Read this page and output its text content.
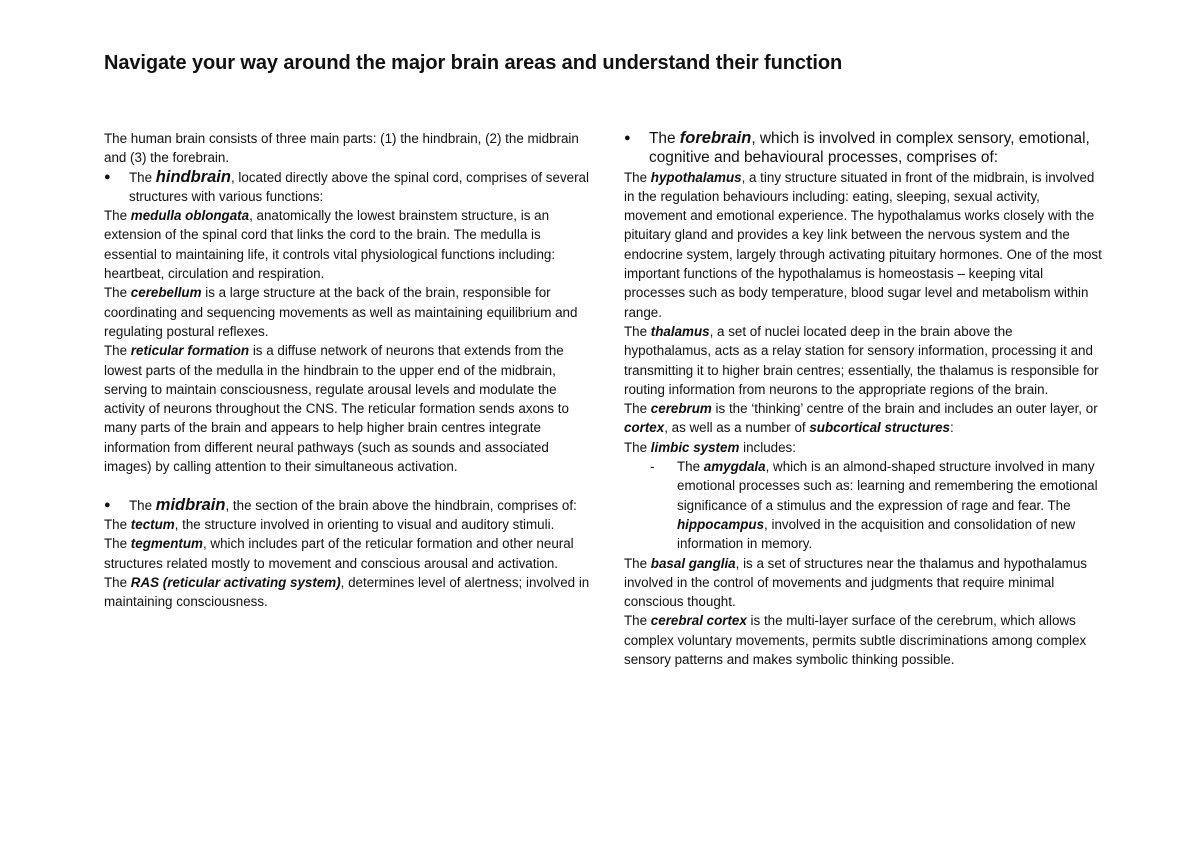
Navigate your way around the major brain areas and understand their function

The human brain consists of three main parts: (1) the hindbrain, (2) the midbrain and (3) the forebrain.

●	The hindbrain, located directly above the spinal cord, comprises of several structures with various functions:

The medulla oblongata, anatomically the lowest brainstem structure, is an extension of the spinal cord that links the cord to the brain. The medulla is essential to maintaining life, it controls vital physiological functions including: heartbeat, circulation and respiration.

The cerebellum is a large structure at the back of the brain, responsible for coordinating and sequencing movements as well as maintaining equilibrium and regulating postural reflexes.

The reticular formation is a diffuse network of neurons that extends from the lowest parts of the medulla in the hindbrain to the upper end of the midbrain, serving to maintain consciousness, regulate arousal levels and modulate the activity of neurons throughout the CNS. The reticular formation sends axons to many parts of the brain and appears to help higher brain centres integrate information from different neural pathways (such as sounds and associated images) by calling attention to their simultaneous activation.

●	The midbrain, the section of the brain above the hindbrain, comprises of:

The tectum, the structure involved in orienting to visual and auditory stimuli.

The tegmentum, which includes part of the reticular formation and other neural structures related mostly to movement and conscious arousal and activation.

The RAS (reticular activating system), determines level of alertness; involved in maintaining consciousness.

●	The forebrain, which is involved in complex sensory, emotional, cognitive and behavioural processes, comprises of:

The hypothalamus, a tiny structure situated in front of the midbrain, is involved in the regulation behaviours including: eating, sleeping, sexual activity, movement and emotional experience. The hypothalamus works closely with the pituitary gland and provides a key link between the nervous system and the endocrine system, largely through activating pituitary hormones. One of the most important functions of the hypothalamus is homeostasis – keeping vital processes such as body temperature, blood sugar level and metabolism within range.

The thalamus, a set of nuclei located deep in the brain above the hypothalamus, acts as a relay station for sensory information, processing it and transmitting it to higher brain centres; essentially, the thalamus is responsible for routing information from neurons to the appropriate regions of the brain.

The cerebrum is the ‘thinking’ centre of the brain and includes an outer layer, or cortex, as well as a number of subcortical structures:

The limbic system includes:

-	The amygdala, which is an almond-shaped structure involved in many emotional processes such as: learning and remembering the emotional significance of a stimulus and the expression of rage and fear. The hippocampus, involved in the acquisition and consolidation of new information in memory.

The basal ganglia, is a set of structures near the thalamus and hypothalamus involved in the control of movements and judgments that require minimal conscious thought.

The cerebral cortex is the multi-layer surface of the cerebrum, which allows complex voluntary movements, permits subtle discriminations among complex sensory patterns and makes symbolic thinking possible.
